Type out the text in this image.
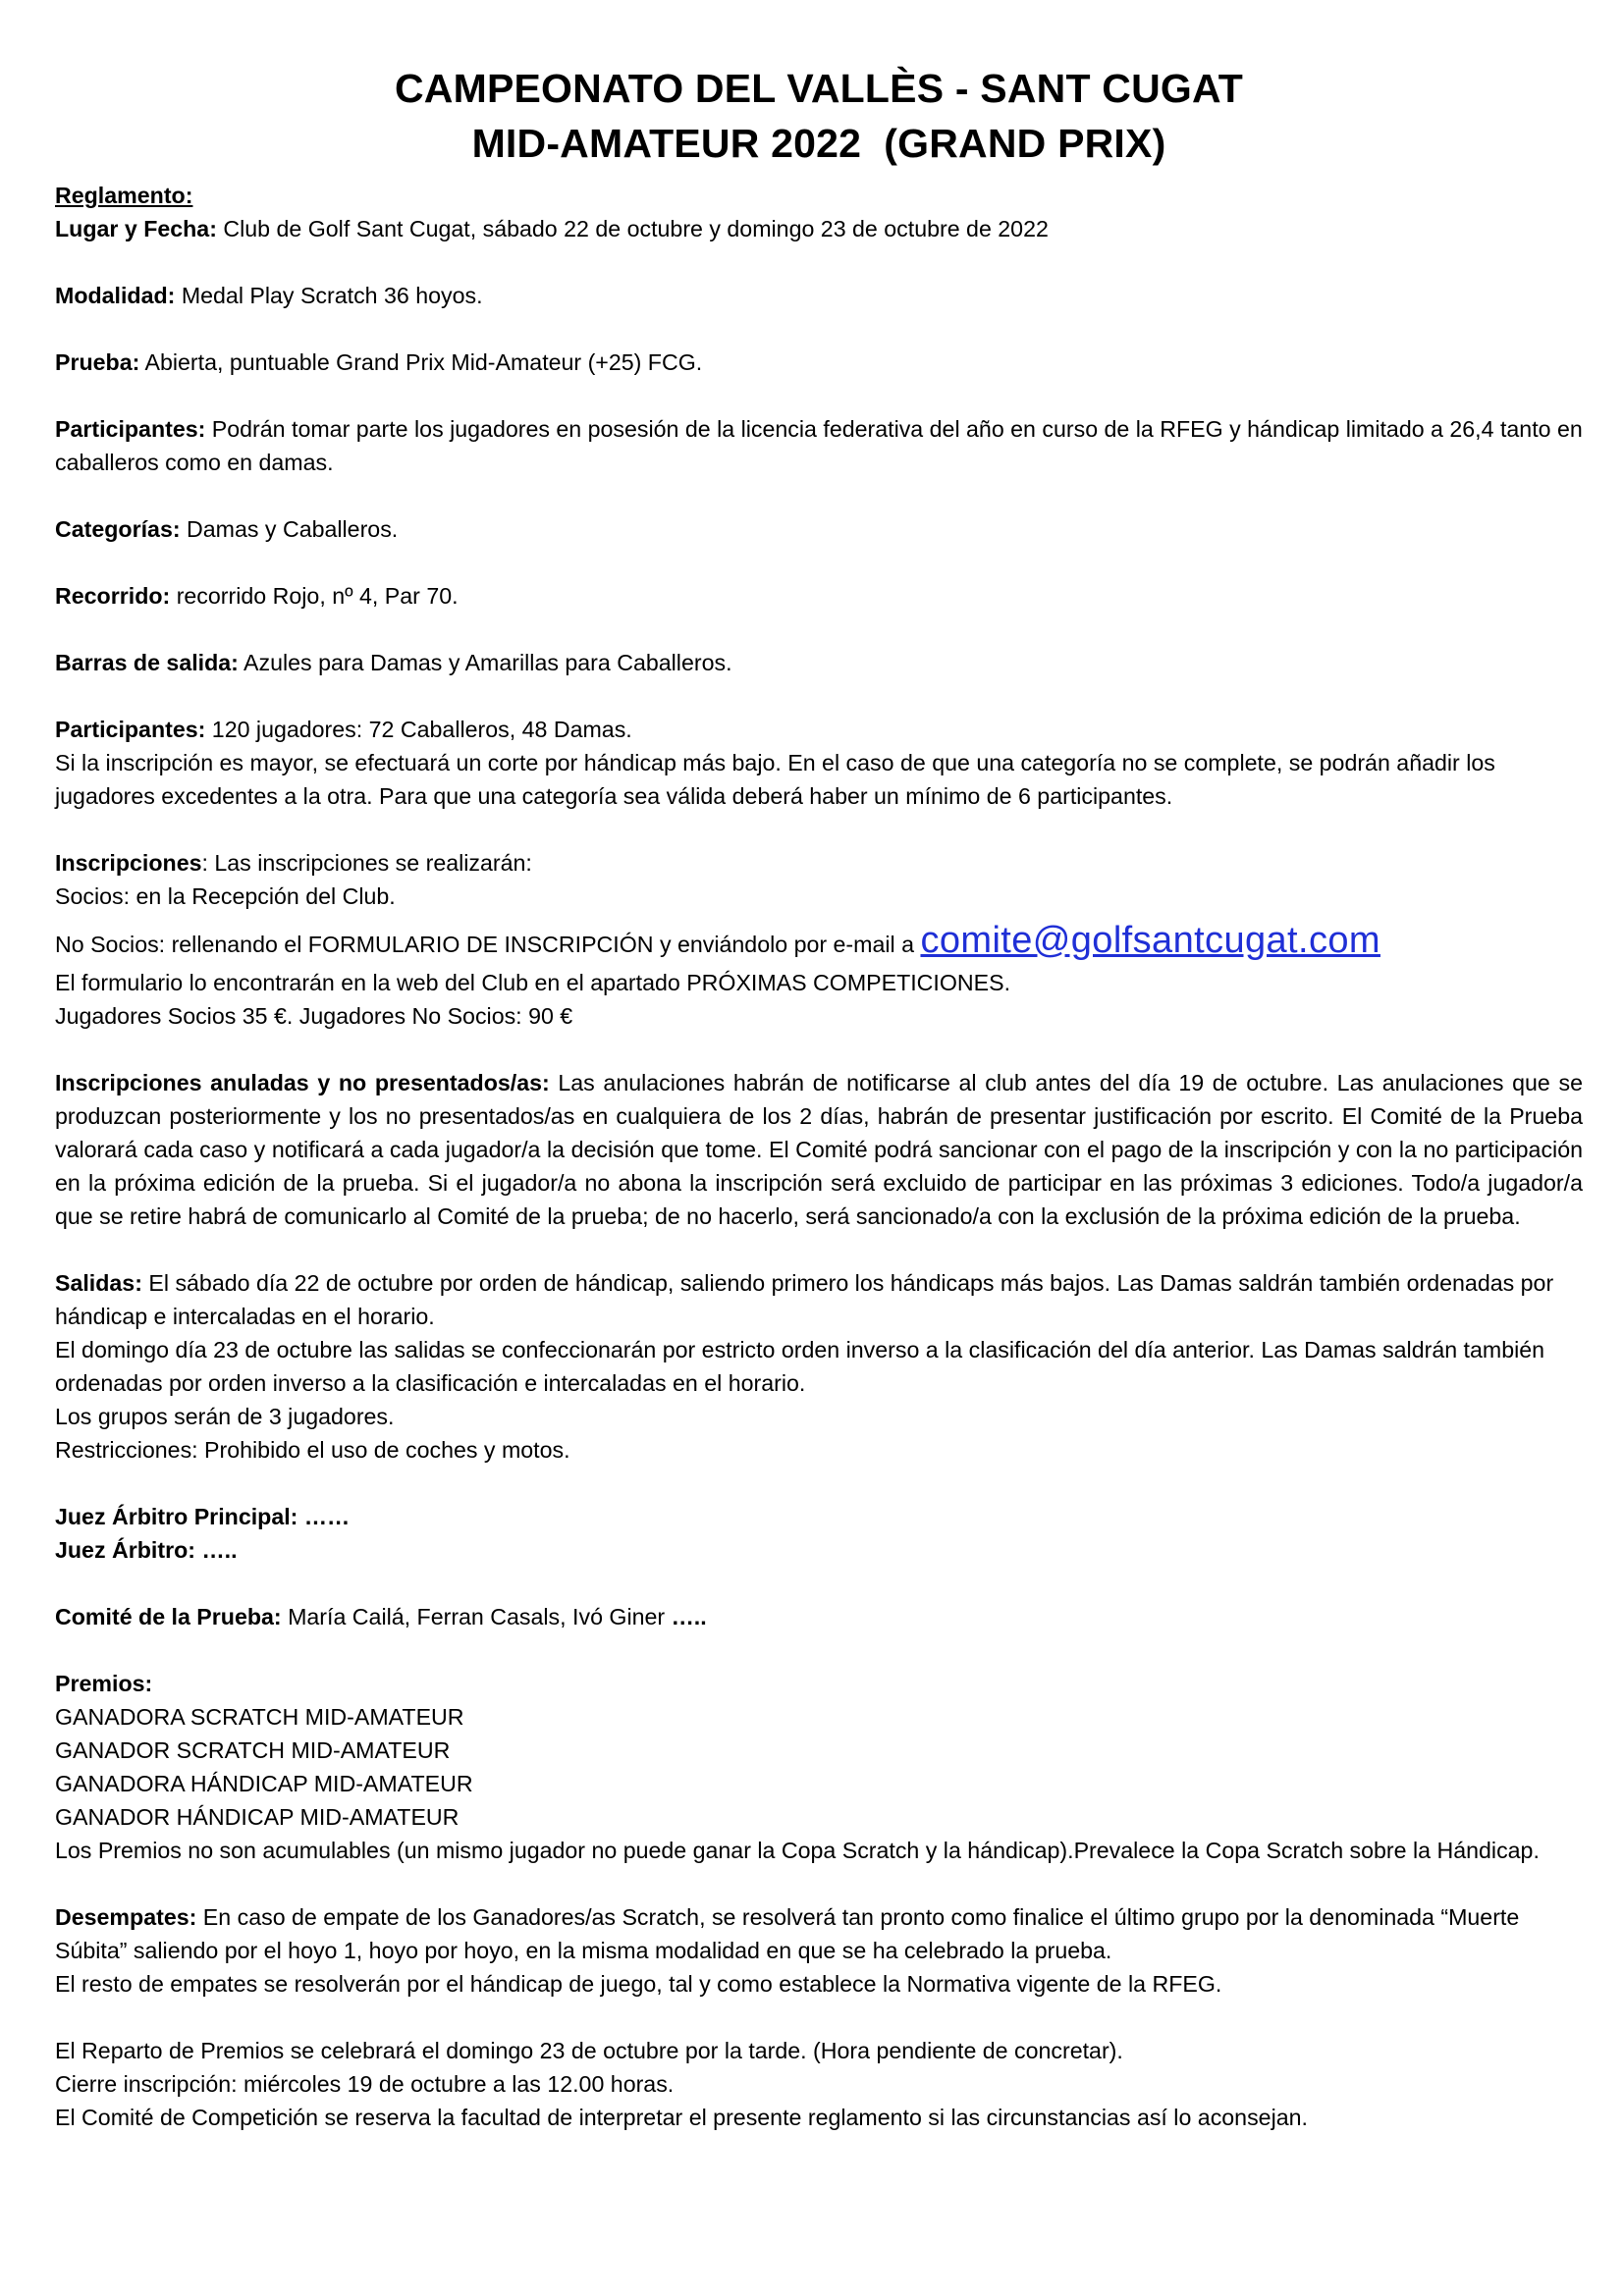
CAMPEONATO DEL VALLÈS - SANT CUGAT
MID-AMATEUR 2022  (GRAND PRIX)

Reglamento:

Lugar y Fecha: Club de Golf Sant Cugat, sábado 22 de octubre y domingo 23 de octubre de 2022

Modalidad: Medal Play Scratch 36 hoyos.

Prueba: Abierta, puntuable Grand Prix Mid-Amateur (+25) FCG.

Participantes: Podrán tomar parte los jugadores en posesión de la licencia federativa del año en curso de la RFEG y hándicap limitado a 26,4 tanto en caballeros como en damas.

Categorías: Damas y Caballeros.

Recorrido: recorrido Rojo, nº 4, Par 70.

Barras de salida: Azules para Damas y Amarillas para Caballeros.

Participantes: 120 jugadores: 72 Caballeros, 48 Damas.

Si la inscripción es mayor, se efectuará un corte por hándicap más bajo. En el caso de que una categoría no se complete, se podrán añadir los jugadores excedentes a la otra. Para que una categoría sea válida deberá haber un mínimo de 6 participantes.

Inscripciones: Las inscripciones se realizarán:

Socios: en la Recepción del Club.

No Socios: rellenando el FORMULARIO DE INSCRIPCIÓN y enviándolo por e-mail a comite@golfsantcugat.com

El formulario lo encontrarán en la web del Club en el apartado PRÓXIMAS COMPETICIONES.

Jugadores Socios 35 €. Jugadores No Socios: 90 €

Inscripciones anuladas y no presentados/as: Las anulaciones habrán de notificarse al club antes del día 19 de octubre. Las anulaciones que se produzcan posteriormente y los no presentados/as en cualquiera de los 2 días, habrán de presentar justificación por escrito. El Comité de la Prueba valorará cada caso y notificará a cada jugador/a la decisión que tome. El Comité podrá sancionar con el pago de la inscripción y con la no participación en la próxima edición de la prueba. Si el jugador/a no abona la inscripción será excluido de participar en las próximas 3 ediciones. Todo/a jugador/a que se retire habrá de comunicarlo al Comité de la prueba; de no hacerlo, será sancionado/a con la exclusión de la próxima edición de la prueba.

Salidas: El sábado día 22 de octubre por orden de hándicap, saliendo primero los hándicaps más bajos. Las Damas saldrán también ordenadas por hándicap e intercaladas en el horario.

El domingo día 23 de octubre las salidas se confeccionarán por estricto orden inverso a la clasificación del día anterior. Las Damas saldrán también ordenadas por orden inverso a la clasificación e intercaladas en el horario.

Los grupos serán de 3 jugadores.

Restricciones: Prohibido el uso de coches y motos.

Juez Árbitro Principal: ……

Juez Árbitro: …..

Comité de la Prueba: María Cailá, Ferran Casals, Ivó Giner …..

Premios:

GANADORA SCRATCH MID-AMATEUR

GANADOR SCRATCH MID-AMATEUR

GANADORA HÁNDICAP MID-AMATEUR

GANADOR HÁNDICAP MID-AMATEUR

Los Premios no son acumulables (un mismo jugador no puede ganar la Copa Scratch y la hándicap).Prevalece la Copa Scratch sobre la Hándicap.

Desempates: En caso de empate de los Ganadores/as Scratch, se resolverá tan pronto como finalice el último grupo por la denominada “Muerte Súbita” saliendo por el hoyo 1, hoyo por hoyo, en la misma modalidad en que se ha celebrado la prueba.

El resto de empates se resolverán por el hándicap de juego, tal y como establece la Normativa vigente de la RFEG.

El Reparto de Premios se celebrará el domingo 23 de octubre por la tarde. (Hora pendiente de concretar).

Cierre inscripción: miércoles 19 de octubre a las 12.00 horas.

El Comité de Competición se reserva la facultad de interpretar el presente reglamento si las circunstancias así lo aconsejan.
